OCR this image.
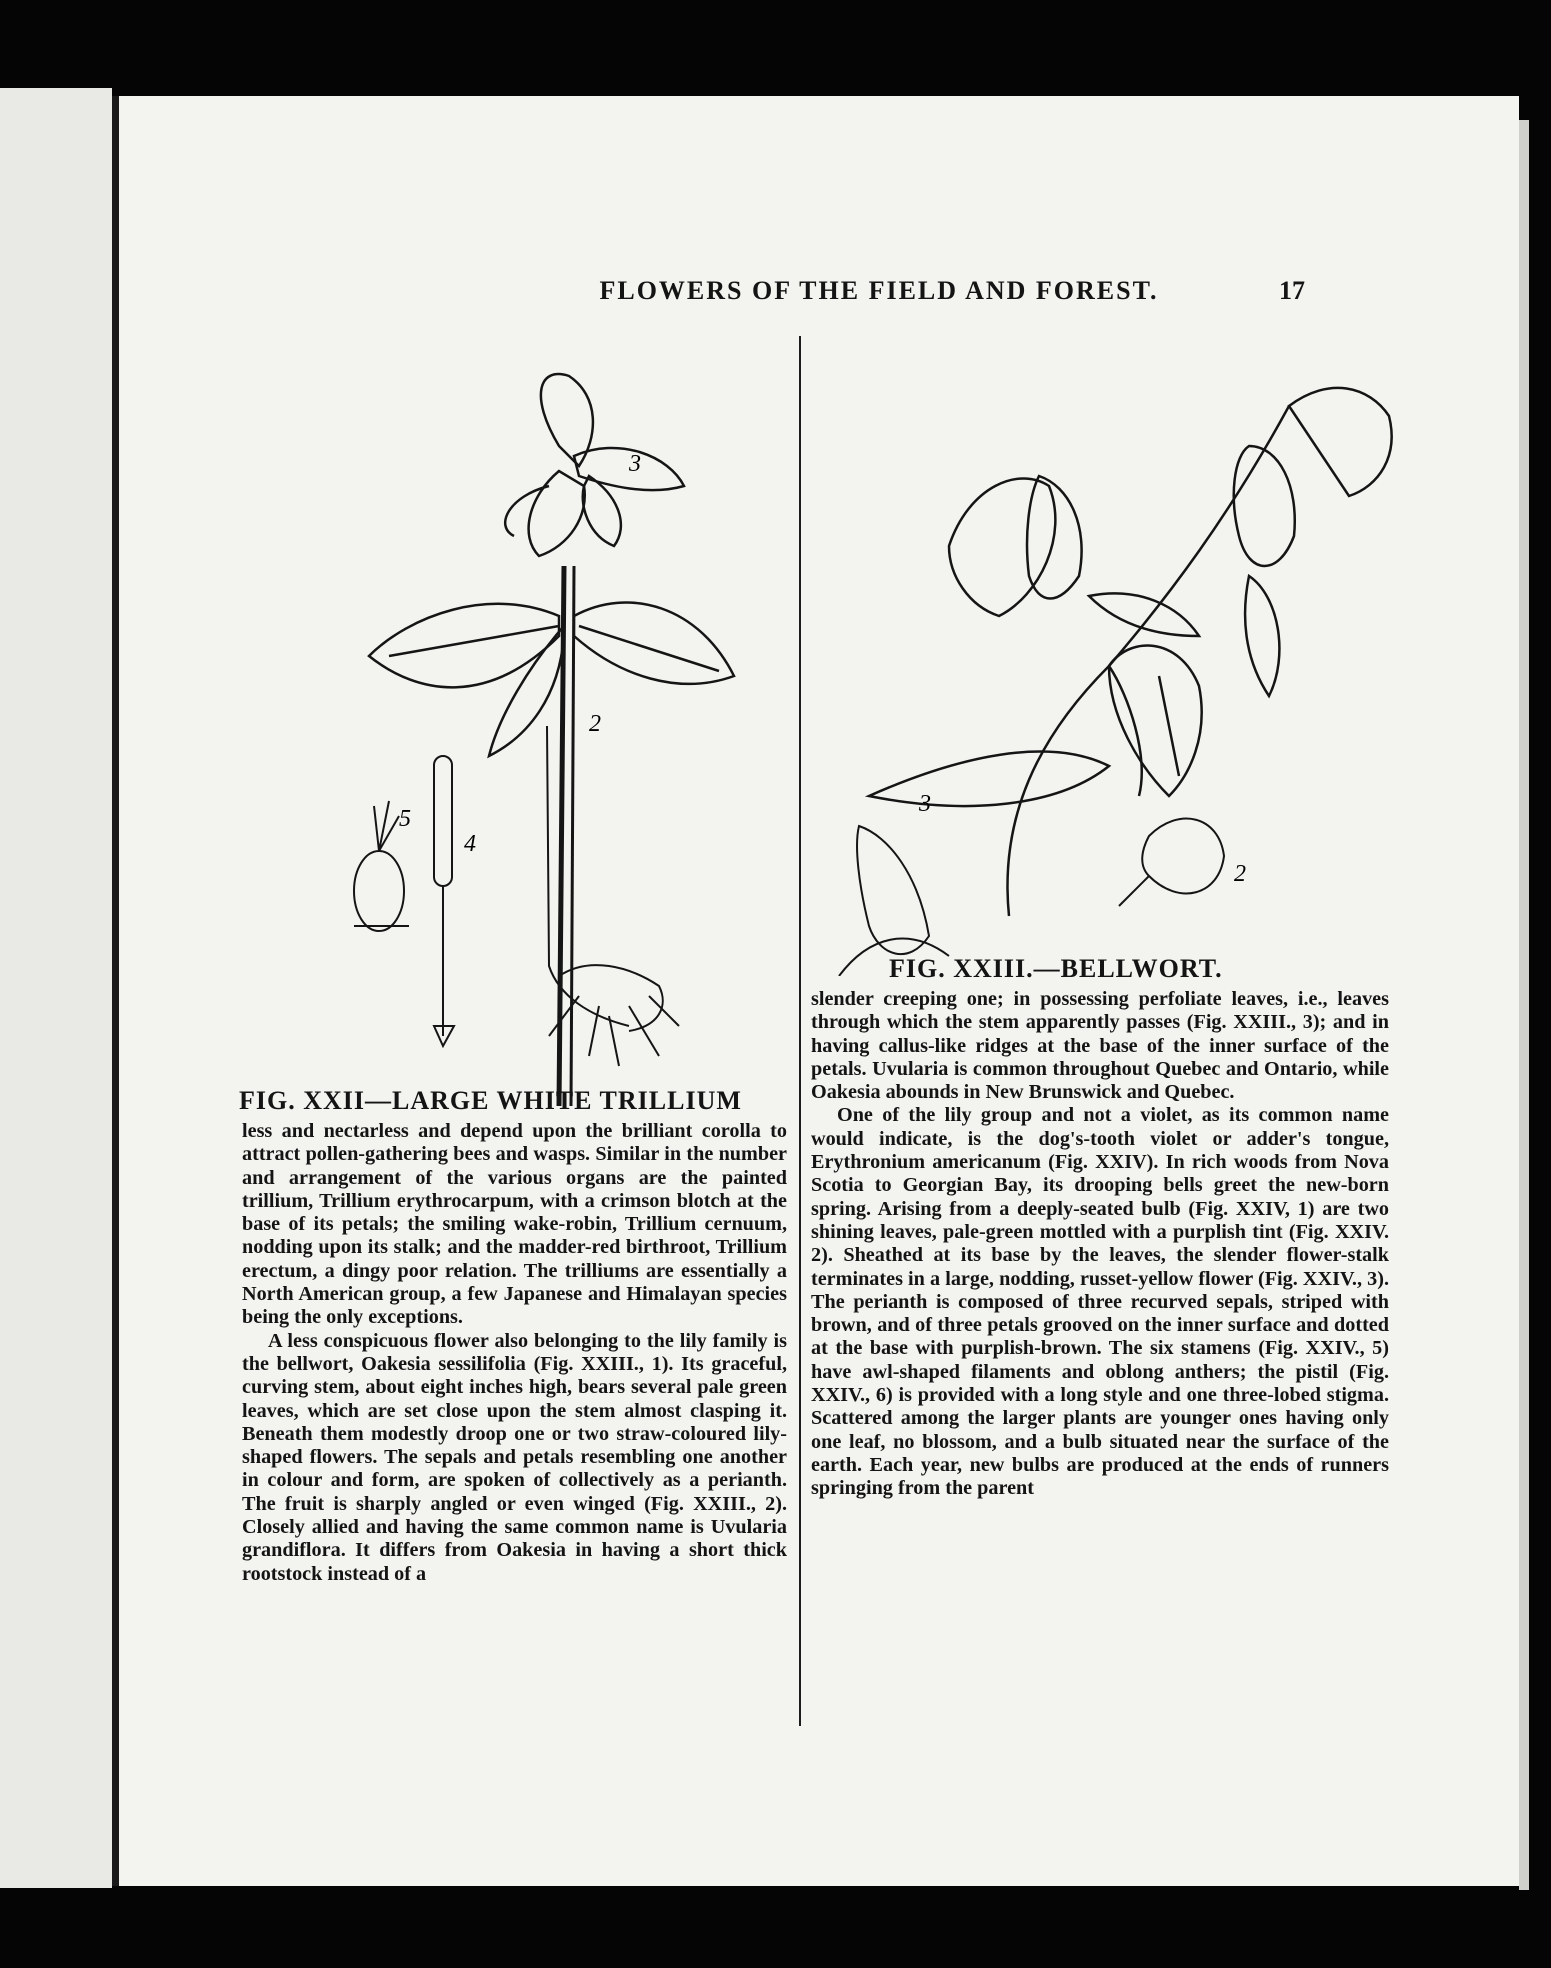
FLOWERS OF THE FIELD AND FOREST.	17
3
2
4
5
FIG. XXII—LARGE WHITE TRILLIUM
3
2
FIG. XXIII.—BELLWORT.

less and nectarless and depend upon the brilliant corolla to attract pollen-gathering bees and wasps. Similar in the number and arrangement of the various organs are the painted trillium, Trillium erythrocarpum, with a crimson blotch at the base of its petals; the smiling wake-robin, Trillium cernuum, nodding upon its stalk; and the madder-red birthroot, Trillium erectum, a dingy poor relation. The trilliums are essentially a North American group, a few Japanese and Himalayan species being the only exceptions.

A less conspicuous flower also belonging to the lily family is the bellwort, Oakesia sessilifolia (Fig. XXIII., 1). Its graceful, curving stem, about eight inches high, bears several pale green leaves, which are set close upon the stem almost clasping it. Beneath them modestly droop one or two straw-coloured lily-shaped flowers. The sepals and petals resembling one another in colour and form, are spoken of collectively as a perianth. The fruit is sharply angled or even winged (Fig. XXIII., 2). Closely allied and having the same common name is Uvularia grandiflora. It differs from Oakesia in having a short thick rootstock instead of a

slender creeping one; in possessing perfoliate leaves, i.e., leaves through which the stem apparently passes (Fig. XXIII., 3); and in having callus-like ridges at the base of the inner surface of the petals. Uvularia is common throughout Quebec and Ontario, while Oakesia abounds in New Brunswick and Quebec.

One of the lily group and not a violet, as its common name would indicate, is the dog's-tooth violet or adder's tongue, Erythronium americanum (Fig. XXIV). In rich woods from Nova Scotia to Georgian Bay, its drooping bells greet the new-born spring. Arising from a deeply-seated bulb (Fig. XXIV, 1) are two shining leaves, pale-green mottled with a purplish tint (Fig. XXIV. 2). Sheathed at its base by the leaves, the slender flower-stalk terminates in a large, nodding, russet-yellow flower (Fig. XXIV., 3). The perianth is composed of three recurved sepals, striped with brown, and of three petals grooved on the inner surface and dotted at the base with purplish-brown. The six stamens (Fig. XXIV., 5) have awl-shaped filaments and oblong anthers; the pistil (Fig. XXIV., 6) is provided with a long style and one three-lobed stigma. Scattered among the larger plants are younger ones having only one leaf, no blossom, and a bulb situated near the surface of the earth. Each year, new bulbs are produced at the ends of runners springing from the parent
